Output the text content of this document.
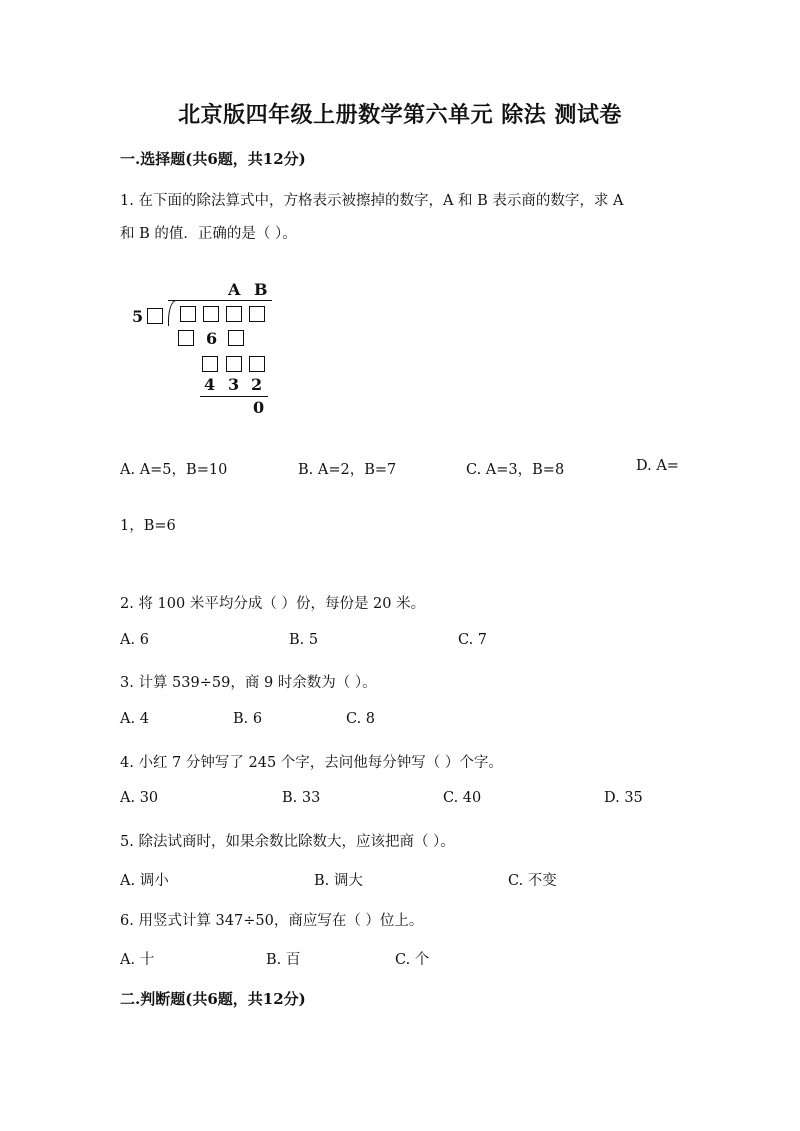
北京版四年级上册数学第六单元 除法 测试卷
一.选择题(共6题，共12分)
1. 在下面的除法算式中，方格表示被擦掉的数字，A 和 B 表示商的数字，求 A
和 B 的值．正确的是（ ）。
A B
5
6
4 3 2
0
A. A=5，B=10	B. A=2，B=7	C. A=3，B=8	D. A=
1，B=6
2. 将 100 米平均分成（ ）份，每份是 20 米。
A. 6	B. 5	C. 7
3. 计算 539÷59，商 9 时余数为（ ）。
A. 4	B. 6	C. 8
4. 小红 7 分钟写了 245 个字，去问他每分钟写（ ）个字。
A. 30	B. 33	C. 40	D. 35
5. 除法试商时，如果余数比除数大，应该把商（ ）。
A. 调小	B. 调大	C. 不变
6. 用竖式计算 347÷50，商应写在（ ）位上。
A. 十	B. 百	C. 个
二.判断题(共6题，共12分)
